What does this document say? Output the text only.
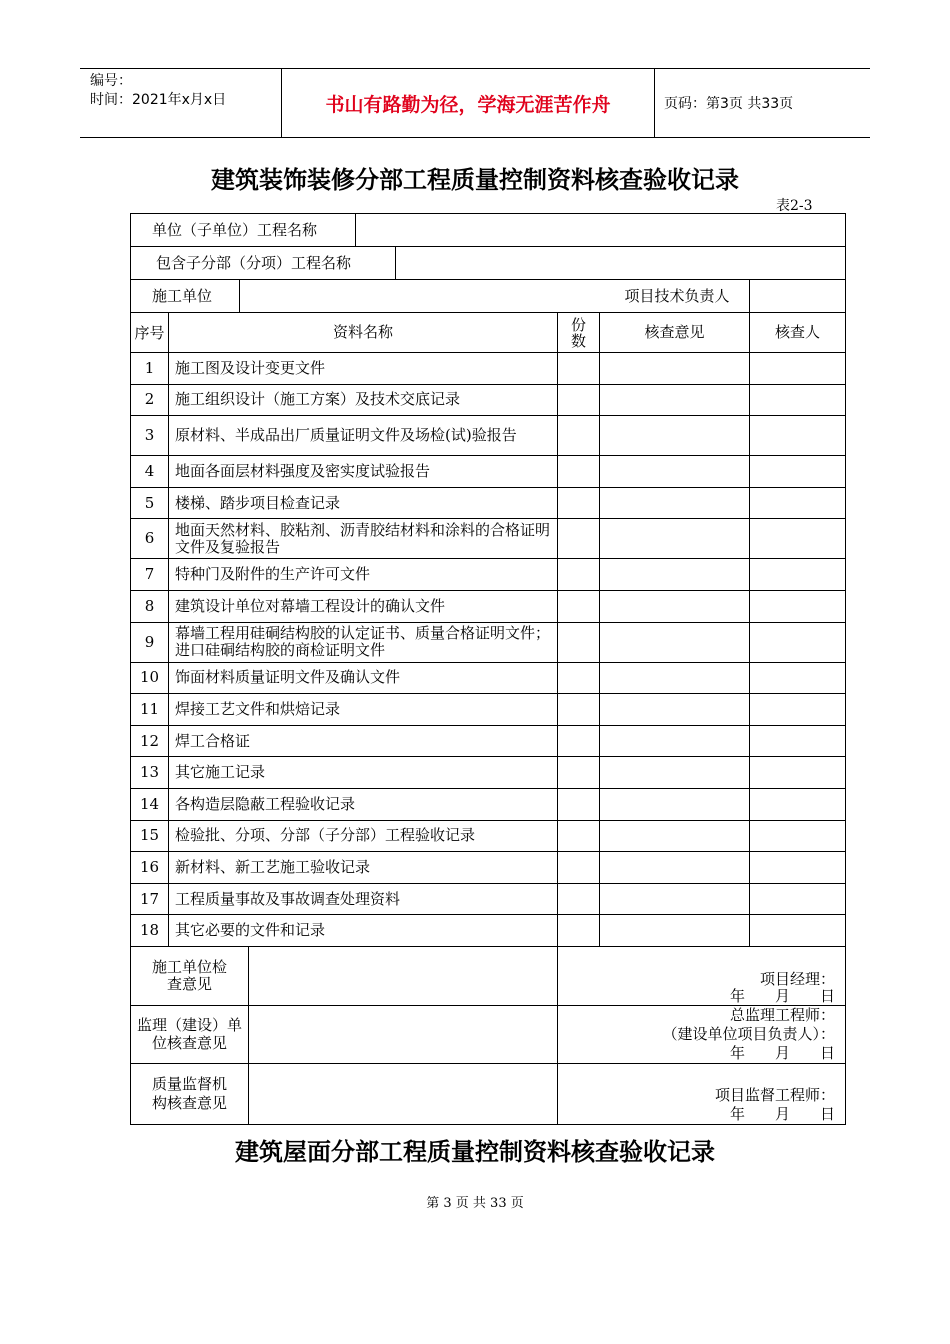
编号：
时间：2021年x月x日	书山有路勤为径，学海无涯苦作舟	页码：第3页 共33页
建筑装饰装修分部工程质量控制资料核查验收记录
表2-3
单位（子单位）工程名称				

包含子分部（分项）工程名称				

施工单位 项目技术负责人				

序号	资料名称	份数	核查意见	核查人
1	施工图及设计变更文件			
2	施工组织设计（施工方案）及技术交底记录			
3	原材料、半成品出厂质量证明文件及场检(试)验报告			
4	地面各面层材料强度及密实度试验报告			
5	楼梯、踏步项目检查记录			
6	地面天然材料、胶粘剂、沥青胶结材料和涂料的合格证明文件及复验报告			
7	特种门及附件的生产许可文件			
8	建筑设计单位对幕墙工程设计的确认文件			
9	幕墙工程用硅硐结构胶的认定证书、质量合格证明文件；进口硅硐结构胶的商检证明文件			
10	饰面材料质量证明文件及确认文件			
11	焊接工艺文件和烘焙记录			
12	焊工合格证			
13	其它施工记录			
14	各构造层隐蔽工程验收记录			
15	检验批、分项、分部（子分部）工程验收记录			
16	新材料、新工艺施工验收记录			
17	工程质量事故及事故调查处理资料			
18	其它必要的文件和记录			

施工单位检查意见		项目经理：
年　　月　　日		

监理（建设）单位核查意见		总监理工程师：
（建设单位项目负责人）：
年　　月　　日		

质量监督机构核查意见		项目监督工程师：
年　　月　　日		
建筑屋面分部工程质量控制资料核查验收记录
第 3 页 共 33 页
